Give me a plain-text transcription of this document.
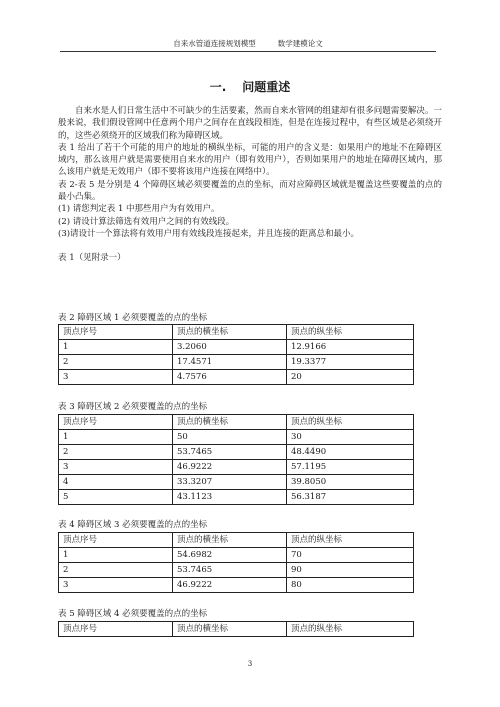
自来水管道连接规划模型	数学建模论文
一. 问题重述

自来水是人们日常生活中不可缺少的生活要素，然而自来水管网的组建却有很多问题需要解决。一般来说，我们假设管网中任意两个用户之间存在直线段相连，但是在连接过程中，有些区域是必须绕开的，这些必须绕开的区域我们称为障碍区域。

表 1 给出了若干个可能的用户的地址的横纵坐标，可能的用户的含义是：如果用户的地址不在障碍区域内，那么该用户就是需要使用自来水的用户（即有效用户），否则如果用户的地址在障碍区域内，那么该用户就是无效用户（即不要将该用户连接在网络中）。

表 2-表 5 是分别是 4 个障碍区域必须要覆盖的点的坐标，而对应障碍区域就是覆盖这些要覆盖的点的最小凸集。

(1) 请您判定表 1 中那些用户为有效用户。

(2) 请设计算法筛选有效用户之间的有效线段。

(3)请设计一个算法将有效用户用有效线段连接起来，并且连接的距离总和最小。

表 1（见附录一）

表 2 障碍区域 1 必须要覆盖的点的坐标
顶点序号	顶点的横坐标	顶点的纵坐标
1	3.2060	12.9166
2	17.4571	19.3377
3	4.7576	20
表 3 障碍区域 2 必须要覆盖的点的坐标
顶点序号	顶点的横坐标	顶点的纵坐标
1	50	30
2	53.7465	48.4490
3	46.9222	57.1195
4	33.3207	39.8050
5	43.1123	56.3187
表 4 障碍区域 3 必须要覆盖的点的坐标
顶点序号	顶点的横坐标	顶点的纵坐标
1	54.6982	70
2	53.7465	90
3	46.9222	80
表 5 障碍区域 4 必须要覆盖的点的坐标
顶点序号	顶点的横坐标	顶点的纵坐标
3
